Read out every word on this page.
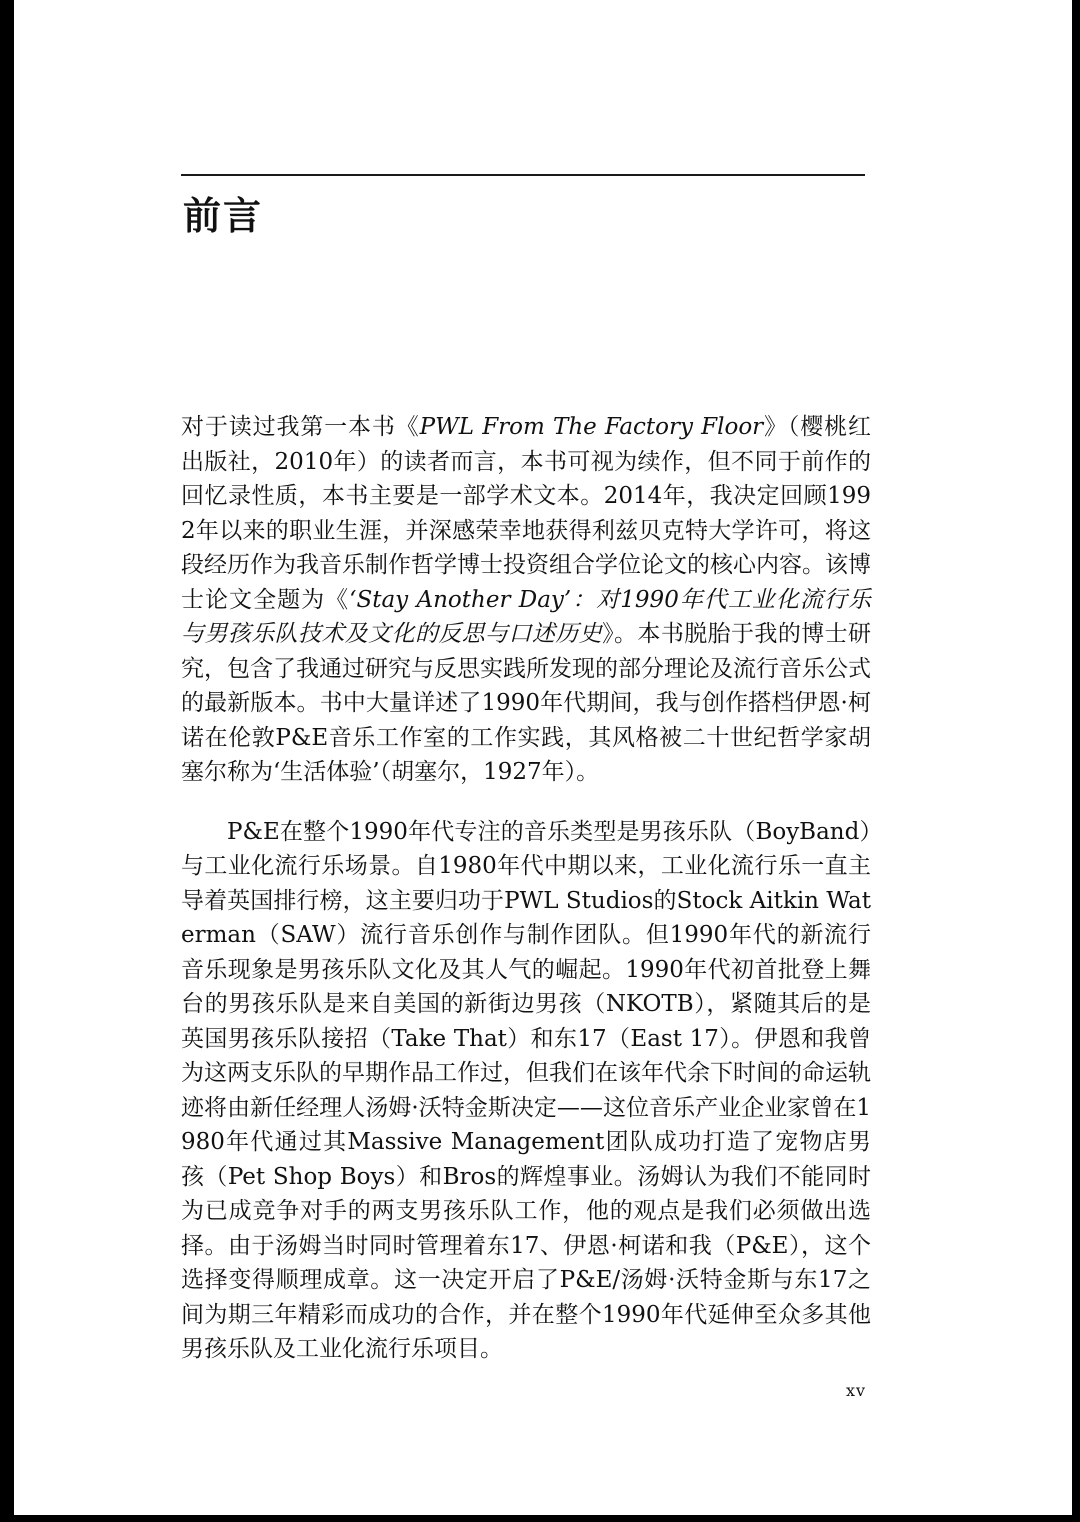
前言

对于读过我第一本书《PWL From The Factory Floor》（樱桃红出版社，2010年）的读者而言，本书可视为续作，但不同于前作的回忆录性质，本书主要是一部学术文本。2014年，我决定回顾1992年以来的职业生涯，并深感荣幸地获得利兹贝克特大学许可，将这段经历作为我音乐制作哲学博士投资组合学位论文的核心内容。该博士论文全题为《‘Stay Another Day’：对1990年代工业化流行乐与男孩乐队技术及文化的反思与口述历史》。本书脱胎于我的博士研究，包含了我通过研究与反思实践所发现的部分理论及流行音乐公式的最新版本。书中大量详述了1990年代期间，我与创作搭档伊恩·柯诺在伦敦P&E音乐工作室的工作实践，其风格被二十世纪哲学家胡塞尔称为‘生活体验’（胡塞尔，1927年）。

P&E在整个1990年代专注的音乐类型是男孩乐队（BoyBand）与工业化流行乐场景。自1980年代中期以来，工业化流行乐一直主导着英国排行榜，这主要归功于PWL Studios的Stock Aitkin Waterman（SAW）流行音乐创作与制作团队。但1990年代的新流行音乐现象是男孩乐队文化及其人气的崛起。1990年代初首批登上舞台的男孩乐队是来自美国的新街边男孩（NKOTB），紧随其后的是英国男孩乐队接招（Take That）和东17（East 17）。伊恩和我曾为这两支乐队的早期作品工作过，但我们在该年代余下时间的命运轨迹将由新任经理人汤姆·沃特金斯决定——这位音乐产业企业家曾在1980年代通过其Massive Management团队成功打造了宠物店男孩（Pet Shop Boys）和Bros的辉煌事业。汤姆认为我们不能同时为已成竞争对手的两支男孩乐队工作，他的观点是我们必须做出选择。由于汤姆当时同时管理着东17、伊恩·柯诺和我（P&E），这个选择变得顺理成章。这一决定开启了P&E/汤姆·沃特金斯与东17之间为期三年精彩而成功的合作，并在整个1990年代延伸至众多其他男孩乐队及工业化流行乐项目。

xv
